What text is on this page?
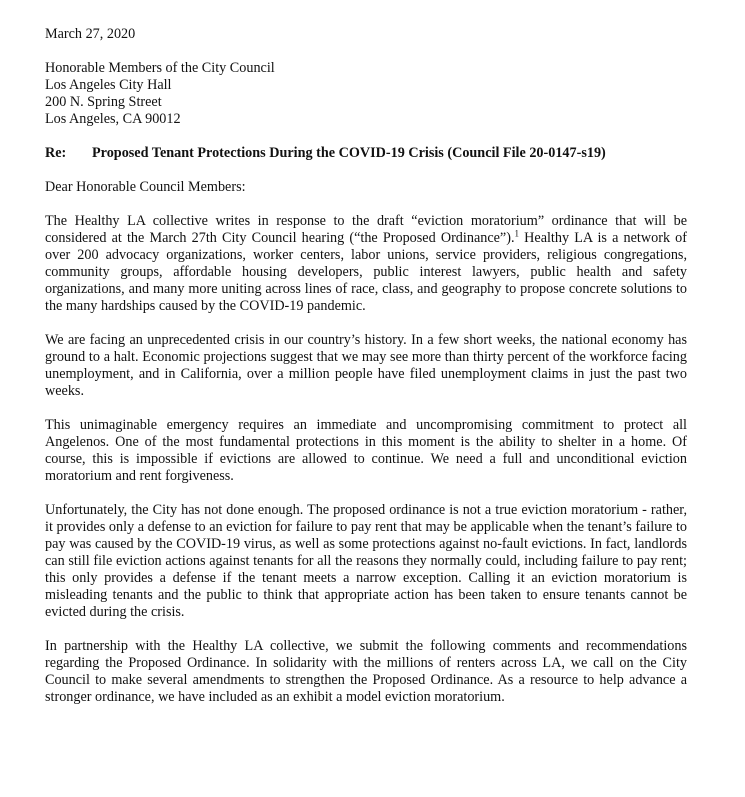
March 27, 2020
Honorable Members of the City Council
Los Angeles City Hall
200 N. Spring Street
Los Angeles, CA 90012
Re:	Proposed Tenant Protections During the COVID-19 Crisis (Council File 20-0147-s19)
Dear Honorable Council Members:

The Healthy LA collective writes in response to the draft “eviction moratorium” ordinance that will be considered at the March 27th City Council hearing (“the Proposed Ordinance”).$^1$ Healthy LA is a network of over 200 advocacy organizations, worker centers, labor unions, service providers, religious congregations, community groups, affordable housing developers, public interest lawyers, public health and safety organizations, and many more uniting across lines of race, class, and geography to propose concrete solutions to the many hardships caused by the COVID-19 pandemic.

We are facing an unprecedented crisis in our country’s history. In a few short weeks, the national economy has ground to a halt. Economic projections suggest that we may see more than thirty percent of the workforce facing unemployment, and in California, over a million people have filed unemployment claims in just the past two weeks.

This unimaginable emergency requires an immediate and uncompromising commitment to protect all Angelenos. One of the most fundamental protections in this moment is the ability to shelter in a home. Of course, this is impossible if evictions are allowed to continue. We need a full and unconditional eviction moratorium and rent forgiveness.

Unfortunately, the City has not done enough. The proposed ordinance is not a true eviction moratorium - rather, it provides only a defense to an eviction for failure to pay rent that may be applicable when the tenant’s failure to pay was caused by the COVID-19 virus, as well as some protections against no-fault evictions. In fact, landlords can still file eviction actions against tenants for all the reasons they normally could, including failure to pay rent; this only provides a defense if the tenant meets a narrow exception. Calling it an eviction moratorium is misleading tenants and the public to think that appropriate action has been taken to ensure tenants cannot be evicted during the crisis.

In partnership with the Healthy LA collective, we submit the following comments and recommendations regarding the Proposed Ordinance. In solidarity with the millions of renters across LA, we call on the City Council to make several amendments to strengthen the Proposed Ordinance. As a resource to help advance a stronger ordinance, we have included as an exhibit a model eviction moratorium.
